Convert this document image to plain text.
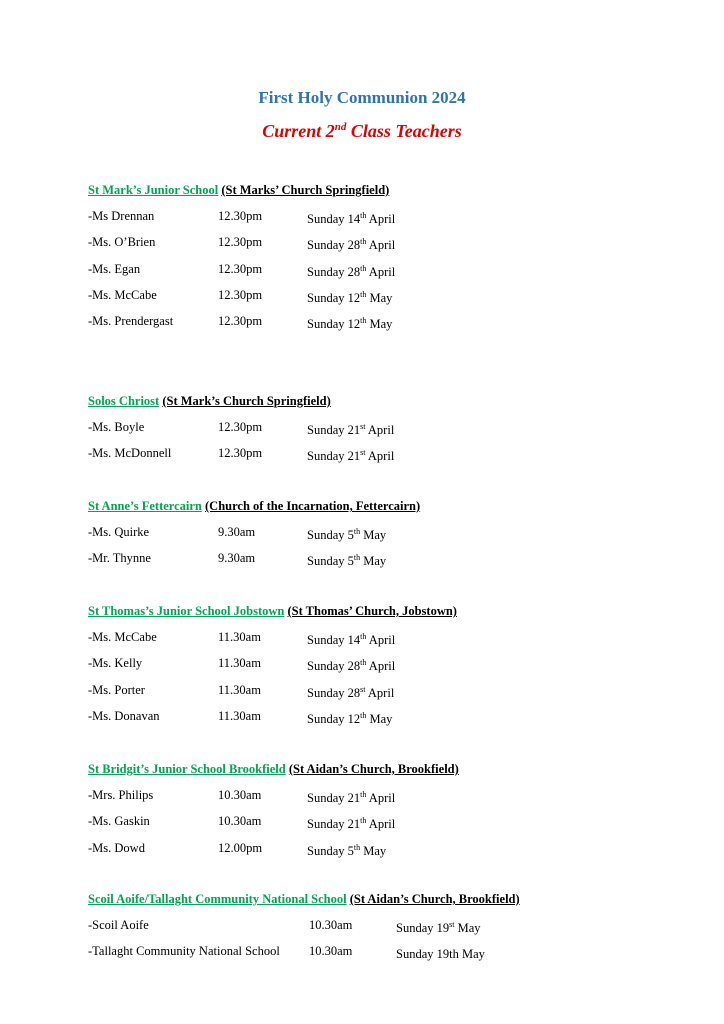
First Holy Communion 2024
Current 2nd Class Teachers
St Mark’s Junior School (St Marks’ Church Springfield)
-Ms Drennan	12.30pm	Sunday 14th April
-Ms. O’Brien	12.30pm	Sunday 28th April
-Ms. Egan	12.30pm	Sunday 28th April
-Ms. McCabe	12.30pm	Sunday 12th May
-Ms. Prendergast	12.30pm	Sunday 12th May
Solos Chriost (St Mark’s Church Springfield)
-Ms. Boyle	12.30pm	Sunday 21st April
-Ms. McDonnell	12.30pm	Sunday 21st April
St Anne’s Fettercairn (Church of the Incarnation, Fettercairn)
-Ms. Quirke	9.30am	Sunday 5th May
-Mr. Thynne	9.30am	Sunday 5th May
St Thomas’s Junior School Jobstown (St Thomas’ Church, Jobstown)
-Ms. McCabe	11.30am	Sunday 14th April
-Ms. Kelly	11.30am	Sunday 28th April
-Ms. Porter	11.30am	Sunday 28st April
-Ms. Donavan	11.30am	Sunday 12th May
St Bridgit’s Junior School Brookfield (St Aidan’s Church, Brookfield)
-Mrs. Philips	10.30am	Sunday 21th April
-Ms. Gaskin	10.30am	Sunday 21th April
-Ms. Dowd	12.00pm	Sunday 5th May
Scoil Aoife/Tallaght Community National School (St Aidan’s Church, Brookfield)
-Scoil Aoife	10.30am	Sunday 19st May
-Tallaght Community National School 10.30am	Sunday 19th May
